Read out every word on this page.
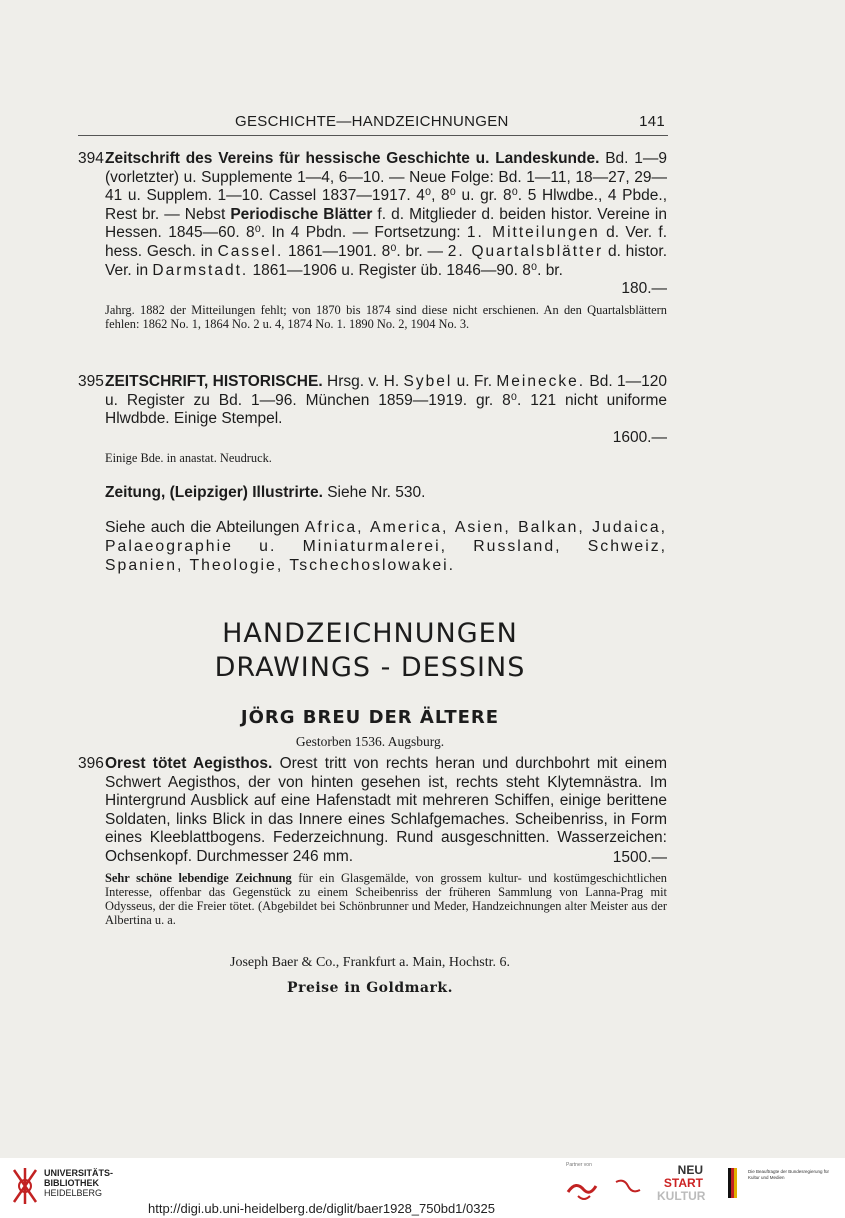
GESCHICHTE—HANDZEICHNUNGEN	141
394 Zeitschrift des Vereins für hessische Geschichte u. Landeskunde. Bd. 1—9 (vorletzter) u. Supplemente 1—4, 6—10. — Neue Folge: Bd. 1—11, 18—27, 29—41 u. Supplem. 1—10. Cassel 1837—1917. 4⁰, 8⁰ u. gr. 8⁰. 5 Hlwdbe., 4 Pbde., Rest br. — Nebst Periodische Blätter f. d. Mitglieder d. beiden histor. Vereine in Hessen. 1845—60. 8⁰. In 4 Pbdn. — Fortsetzung: 1. Mitteilungen d. Ver. f. hess. Gesch. in Cassel. 1861—1901. 8⁰. br. — 2. Quartalsblätter d. histor. Ver. in Darmstadt. 1861—1906 u. Register üb. 1846—90. 8⁰. br.
180.—
Jahrg. 1882 der Mitteilungen fehlt; von 1870 bis 1874 sind diese nicht erschienen. An den Quartalsblättern fehlen: 1862 No. 1, 1864 No. 2 u. 4, 1874 No. 1. 1890 No. 2, 1904 No. 3.
395 ZEITSCHRIFT, HISTORISCHE. Hrsg. v. H. Sybel u. Fr. Meinecke. Bd. 1—120 u. Register zu Bd. 1—96. München 1859—1919. gr. 8⁰. 121 nicht uniforme Hlwdbde. Einige Stempel.
1600.—
Einige Bde. in anastat. Neudruck.
Zeitung, (Leipziger) Illustrirte. Siehe Nr. 530.
Siehe auch die Abteilungen Africa, America, Asien, Balkan, Judaica, Palaeographie u. Miniaturmalerei, Russland, Schweiz, Spanien, Theologie, Tschechoslowakei.
HANDZEICHNUNGEN
DRAWINGS - DESSINS
JÖRG BREU DER ÄLTERE
Gestorben 1536. Augsburg.
396 Orest tötet Aegisthos. Orest tritt von rechts heran und durchbohrt mit einem Schwert Aegisthos, der von hinten gesehen ist, rechts steht Klytemnästra. Im Hintergrund Ausblick auf eine Hafenstadt mit mehreren Schiffen, einige berittene Soldaten, links Blick in das Innere eines Schlafgemaches. Scheibenriss, in Form eines Kleeblattbogens. Federzeichnung. Rund ausgeschnitten. Wasserzeichen: Ochsenkopf. Durchmesser 246 mm.	1500.—
Sehr schöne lebendige Zeichnung für ein Glasgemälde, von grossem kultur- und kostümgeschichtlichen Interesse, offenbar das Gegenstück zu einem Scheibenriss der früheren Sammlung von Lanna-Prag mit Odysseus, der die Freier tötet. (Abgebildet bei Schönbrunner und Meder, Handzeichnungen alter Meister aus der Albertina u. a.
Joseph Baer & Co., Frankfurt a. Main, Hochstr. 6.
Preise in Goldmark.
UNIVERSITÄTS-
BIBLIOTHEK
HEIDELBERG
http://digi.ub.uni-heidelberg.de/diglit/baer1928_750bd1/0325
Partner von	NEU
START
KULTUR
Die Beauftragte der Bundesregierung für Kultur und Medien
